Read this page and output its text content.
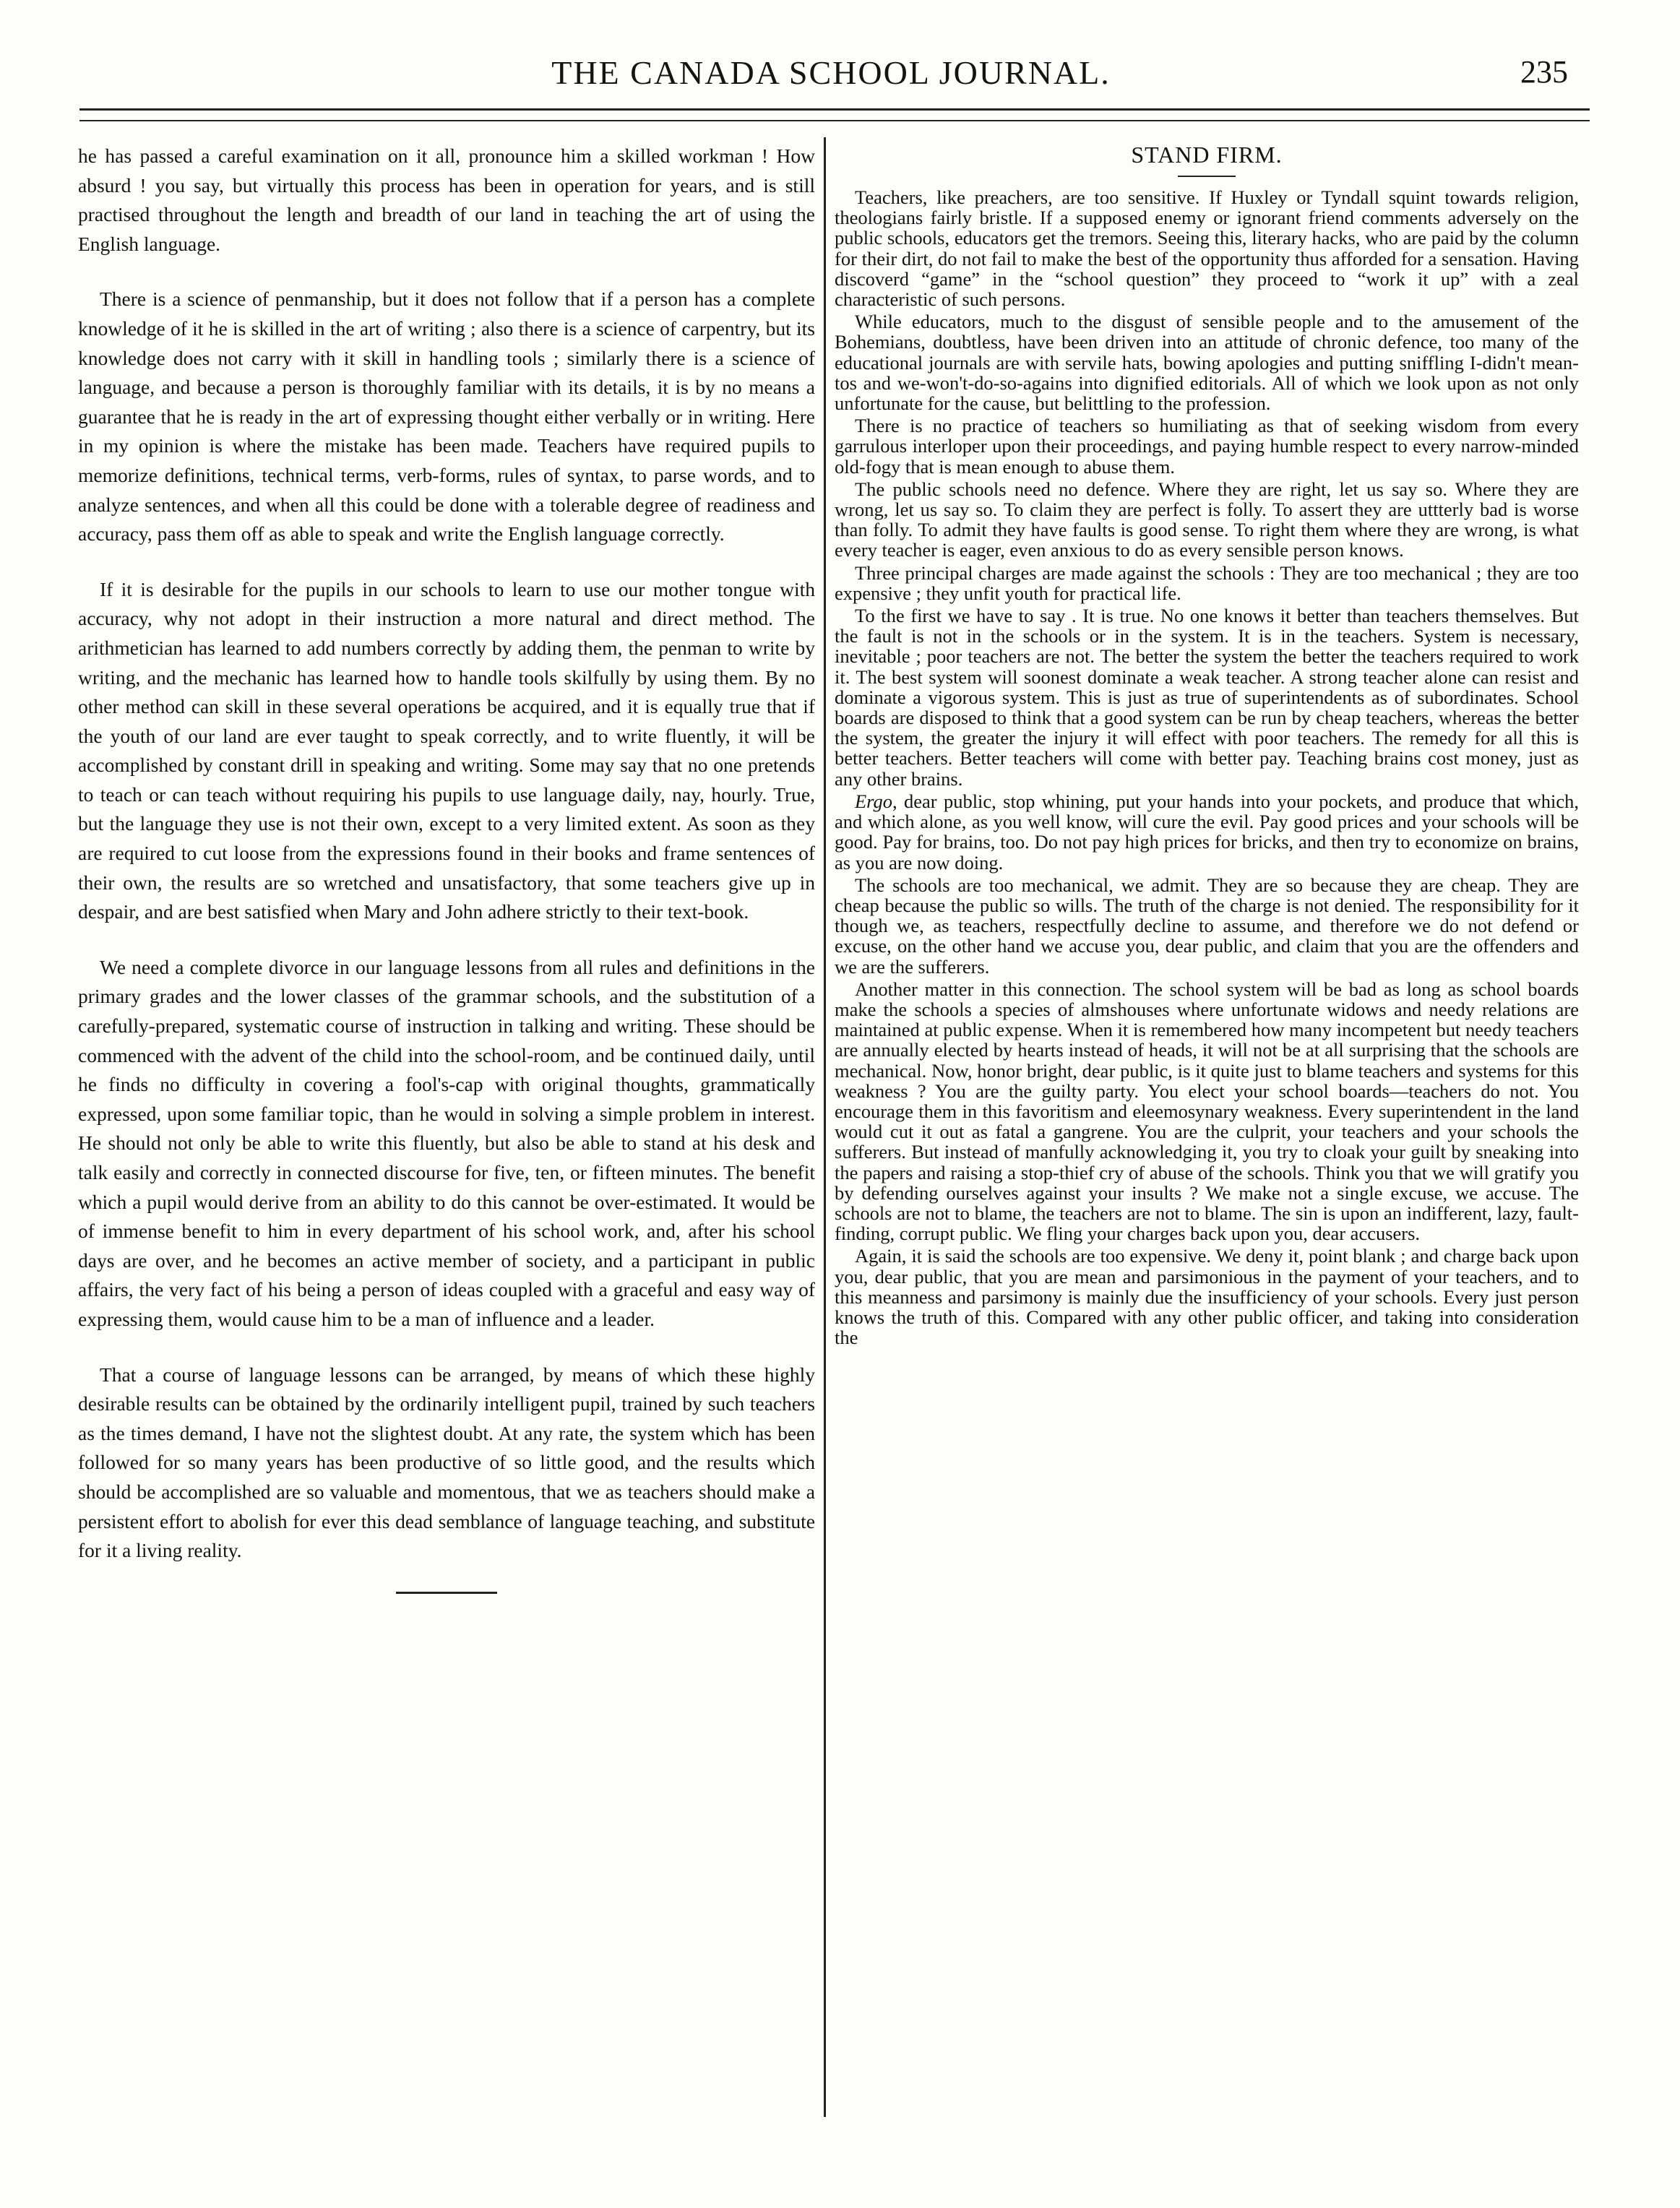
THE CANADA SCHOOL JOURNAL.	235

he has passed a careful examination on it all, pronounce him a skilled workman ! How absurd ! you say, but virtually this process has been in operation for years, and is still practised throughout the length and breadth of our land in teaching the art of using the English language.

There is a science of penmanship, but it does not follow that if a person has a complete knowledge of it he is skilled in the art of writing ; also there is a science of carpentry, but its knowledge does not carry with it skill in handling tools ; similarly there is a science of language, and because a person is thoroughly familiar with its details, it is by no means a guarantee that he is ready in the art of expressing thought either verbally or in writing. Here in my opinion is where the mistake has been made. Teachers have required pupils to memorize definitions, technical terms, verb-forms, rules of syntax, to parse words, and to analyze sentences, and when all this could be done with a tolerable degree of readiness and accuracy, pass them off as able to speak and write the English language correctly.

If it is desirable for the pupils in our schools to learn to use our mother tongue with accuracy, why not adopt in their instruction a more natural and direct method. The arithmetician has learned to add numbers correctly by adding them, the penman to write by writing, and the mechanic has learned how to handle tools skilfully by using them. By no other method can skill in these several operations be acquired, and it is equally true that if the youth of our land are ever taught to speak correctly, and to write fluently, it will be accomplished by constant drill in speaking and writing. Some may say that no one pretends to teach or can teach without requiring his pupils to use language daily, nay, hourly. True, but the language they use is not their own, except to a very limited extent. As soon as they are required to cut loose from the expressions found in their books and frame sentences of their own, the results are so wretched and unsatisfactory, that some teachers give up in despair, and are best satisfied when Mary and John adhere strictly to their text-book.

We need a complete divorce in our language lessons from all rules and definitions in the primary grades and the lower classes of the grammar schools, and the substitution of a carefully-prepared, systematic course of instruction in talking and writing. These should be commenced with the advent of the child into the school-room, and be continued daily, until he finds no difficulty in covering a fool's-cap with original thoughts, grammatically expressed, upon some familiar topic, than he would in solving a simple problem in interest. He should not only be able to write this fluently, but also be able to stand at his desk and talk easily and correctly in connected discourse for five, ten, or fifteen minutes. The benefit which a pupil would derive from an ability to do this cannot be over-estimated. It would be of immense benefit to him in every department of his school work, and, after his school days are over, and he becomes an active member of society, and a participant in public affairs, the very fact of his being a person of ideas coupled with a graceful and easy way of expressing them, would cause him to be a man of influence and a leader.

That a course of language lessons can be arranged, by means of which these highly desirable results can be obtained by the ordinarily intelligent pupil, trained by such teachers as the times demand, I have not the slightest doubt. At any rate, the system which has been followed for so many years has been productive of so little good, and the results which should be accomplished are so valuable and momentous, that we as teachers should make a persistent effort to abolish for ever this dead semblance of language teaching, and substitute for it a living reality.

STAND FIRM.

Teachers, like preachers, are too sensitive. If Huxley or Tyndall squint towards religion, theologians fairly bristle. If a supposed enemy or ignorant friend comments adversely on the public schools, educators get the tremors. Seeing this, literary hacks, who are paid by the column for their dirt, do not fail to make the best of the opportunity thus afforded for a sensation. Having discoverd “game” in the “school question” they proceed to “work it up” with a zeal characteristic of such persons.

While educators, much to the disgust of sensible people and to the amusement of the Bohemians, doubtless, have been driven into an attitude of chronic defence, too many of the educational journals are with servile hats, bowing apologies and putting sniffling I-didn't mean-tos and we-won't-do-so-agains into dignified editorials. All of which we look upon as not only unfortunate for the cause, but belittling to the profession.

There is no practice of teachers so humiliating as that of seeking wisdom from every garrulous interloper upon their proceedings, and paying humble respect to every narrow-minded old-fogy that is mean enough to abuse them.

The public schools need no defence. Where they are right, let us say so. Where they are wrong, let us say so. To claim they are perfect is folly. To assert they are uttterly bad is worse than folly. To admit they have faults is good sense. To right them where they are wrong, is what every teacher is eager, even anxious to do as every sensible person knows.

Three principal charges are made against the schools : They are too mechanical ; they are too expensive ; they unfit youth for practical life.

To the first we have to say . It is true. No one knows it better than teachers themselves. But the fault is not in the schools or in the system. It is in the teachers. System is necessary, inevitable ; poor teachers are not. The better the system the better the teachers required to work it. The best system will soonest dominate a weak teacher. A strong teacher alone can resist and dominate a vigorous system. This is just as true of superintendents as of subordinates. School boards are disposed to think that a good system can be run by cheap teachers, whereas the better the system, the greater the injury it will effect with poor teachers. The remedy for all this is better teachers. Better teachers will come with better pay. Teaching brains cost money, just as any other brains.

Ergo, dear public, stop whining, put your hands into your pockets, and produce that which, and which alone, as you well know, will cure the evil. Pay good prices and your schools will be good. Pay for brains, too. Do not pay high prices for bricks, and then try to economize on brains, as you are now doing.

The schools are too mechanical, we admit. They are so because they are cheap. They are cheap because the public so wills. The truth of the charge is not denied. The responsibility for it though we, as teachers, respectfully decline to assume, and therefore we do not defend or excuse, on the other hand we accuse you, dear public, and claim that you are the offenders and we are the sufferers.

Another matter in this connection. The school system will be bad as long as school boards make the schools a species of almshouses where unfortunate widows and needy relations are maintained at public expense. When it is remembered how many incompetent but needy teachers are annually elected by hearts instead of heads, it will not be at all surprising that the schools are mechanical. Now, honor bright, dear public, is it quite just to blame teachers and systems for this weakness ? You are the guilty party. You elect your school boards—teachers do not. You encourage them in this favoritism and eleemosynary weakness. Every superintendent in the land would cut it out as fatal a gangrene. You are the culprit, your teachers and your schools the sufferers. But instead of manfully acknowledging it, you try to cloak your guilt by sneaking into the papers and raising a stop-thief cry of abuse of the schools. Think you that we will gratify you by defending ourselves against your insults ? We make not a single excuse, we accuse. The schools are not to blame, the teachers are not to blame. The sin is upon an indifferent, lazy, fault-finding, corrupt public. We fling your charges back upon you, dear accusers.

Again, it is said the schools are too expensive. We deny it, point blank ; and charge back upon you, dear public, that you are mean and parsimonious in the payment of your teachers, and to this meanness and parsimony is mainly due the insufficiency of your schools. Every just person knows the truth of this. Compared with any other public officer, and taking into consideration the
